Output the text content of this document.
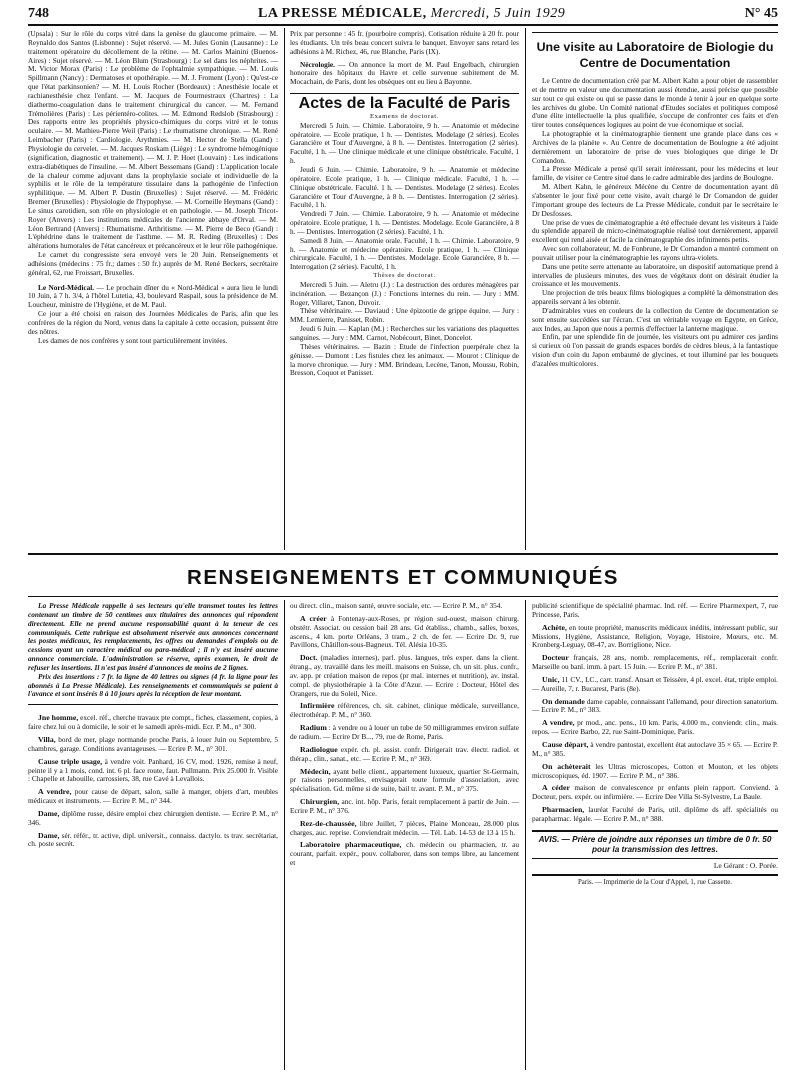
748	LA PRESSE MÉDICALE, Mercredi, 5 Juin 1929	N° 45

(Upsala) : Sur le rôle du corps vitré dans la genèse du glaucome primaire. — M. Reynaldo dos Santos (Lisbonne) : Sujet réservé. — M. Jules Gonin (Lausanne) : Le traitement opératoire du décollement de la rétine. — M. Carlos Mainini (Buenos-Aires) : Sujet réservé. — M. Léon Blum (Strasbourg) : Le sel dans les néphrites. — M. Victor Morax (Paris) : Le problème de l'ophtalmie sympathique. — M. Louis Spillmann (Nancy) : Dermatoses et opothérapie. — M. J. Froment (Lyon) : Qu'est-ce que l'état parkinsonien? — M. H. Louis Rocher (Bordeaux) : Anesthésie locale et rachianesthésie chez l'enfant. — M. Jacques de Fourmestraux (Chartres) : La diathermo-coagulation dans le traitement chirurgical du cancer. — M. Fernand Trémolières (Paris) : Les périentéro-colites. — M. Edmond Redslob (Strasbourg) : Des rapports entre les propriétés physico-chimiques du corps vitré et le tonus oculaire. — M. Mathieu-Pierre Weil (Paris) : Le rhumatisme chronique. — M. René Leimbacher (Paris) : Cardiologie. Arythmies. — M. Hector de Stella (Gand) : Physiologie du cervelet. — M. Jacques Roskam (Liège) : Le syndrome hémogénique (signification, diagnostic et traitement). — M. J. P. Hoet (Louvain) : Les indications extra-diabétiques de l'insuline. — M. Albert Bessemans (Gand) : L'application locale de la chaleur comme adjuvant dans la prophylaxie sociale et individuelle de la syphilis et le rôle de la température tissulaire dans la pathogénie de l'infection syphilitique. — M. Albert P. Dustin (Bruxelles) : Sujet réservé. — M. Frédéric Bremer (Bruxelles) : Physiologie de l'hypophyse. — M. Corneille Heymans (Gand) : Le sinus carotidien, son rôle en physiologie et en pathologie. — M. Joseph Tricot-Royer (Anvers) : Les institutions médicales de l'ancienne abbaye d'Orval. — M. Léon Bertrand (Anvers) : Rhumatisme. Arthritisme. — M. Pierre de Beco (Gand) : L'éphédrine dans le traitement de l'asthme. — M. R. Reding (Bruxelles) : Des altérations humorales de l'état cancéreux et précancéreux et le leur rôle pathogénique.

Le carnet du congressiste sera envoyé vers le 20 Juin. Renseignements et adhésions (médecins : 75 fr.; dames : 50 fr.) auprès de M. René Beckers, secrétaire général, 62, rue Froissart, Bruxelles.

Le Nord-Médical. — Le prochain dîner du « Nord-Médical » aura lieu le lundi 10 Juin, à 7 h. 3/4, à l'hôtel Lutetia, 43, boulevard Raspail, sous la présidence de M. Loucheur, ministre de l'Hygiène, et de M. Paul.

Ce jour a été choisi en raison des Journées Médicales de Paris, afin que les confrères de la région du Nord, venus dans la capitale à cette occasion, puissent être des nôtres.

Les dames de nos confrères y sont tout particulièrement invitées.

Prix par personne : 45 fr. (pourboire compris). Cotisation réduite à 20 fr. pour les étudiants. Un très beau concert suivra le banquet. Envoyer sans retard les adhésions à M. Richez, 46, rue Blanche, Paris (IX).

Nécrologie. — On annonce la mort de M. Paul Engelbach, chirurgien honoraire des hôpitaux du Havre et celle survenue subitement de M. Mocachain, de Paris, dont les obsèques ont eu lieu à Bayonne.

Actes de la Faculté de Paris

Examens de doctorat.

Mercredi 5 Juin. — Chimie. Laboratoire, 9 h. — Anatomie et médecine opératoire. — Ecole pratique, 1 h. — Dentistes. Modelage (2 séries). Ecoles Garancière et Tour d'Auvergne, à 8 h. — Dentistes. Interrogation (2 séries). Faculté, 1 h. — Une clinique médicale et une clinique obstétricale. Faculté, 1 h.

Jeudi 6 Juin. — Chimie. Laboratoire, 9 h. — Anatomie et médecine opératoire. Ecole pratique, 1 h. — Clinique médicale. Faculté, 1 h. — Clinique obstétricale. Faculté. 1 h. — Dentistes. Modelage (2 séries). Ecoles Garancière et Tour d'Auvergne, à 8 h. — Dentistes. Interrogation (2 séries). Faculté, 1 h.

Vendredi 7 Juin. — Chimie. Laboratoire, 9 h. — Anatomie et médecine opératoire. Ecole pratique, 1 h. — Dentistes. Modelage. Ecole Garancière, à 8 h. — Dentistes. Interrogation (2 séries). Faculté, 1 h.

Samedi 8 Juin. — Anatomie orale. Faculté, 1 h. — Chimie. Laboratoire, 9 h. — Anatomie et médecine opératoire. Ecole pratique, 1 h. — Clinique chirurgicale. Faculté, 1 h. — Dentistes. Modelage. Ecole Garancière, 8 h. — Interrogation (2 séries). Faculté, 1 h.

Thèses de doctorat.

Mercredi 5 Juin. — Aletru (J.) : La destruction des ordures ménagères par incinération. — Bezançon (J.) : Fonctions internes du rein. — Jury : MM. Roger, Villaret, Tanon, Duvoir.

Thèse vétérinaire. — Daviaud : Une épizootie de grippe équine. — Jury : MM. Lemierre, Panisset, Robin.

Jeudi 6 Juin. — Kaplan (M.) : Recherches sur les variations des plaquettes sanguines. — Jury : MM. Carnot, Nobécourt, Binet, Doncelot.

Thèses vétérinaires. — Bazin : Etude de l'infection puerpérale chez la génisse. — Dumont : Les fistules chez les animaux. — Mourot : Clinique de la morve chronique. — Jury : MM. Brindeau, Lecène, Tanon, Moussu, Robin, Bresson, Coquot et Panisset.

Une visite au Laboratoire de Biologie du Centre de Documentation

Le Centre de documentation créé par M. Albert Kahn a pour objet de rassembler et de mettre en valeur une documentation aussi étendue, aussi précise que possible sur tout ce qui existe ou qui se passe dans le monde à tenir à jour en quelque sorte les archives du globe. Un Comité national d'Etudes sociales et politiques composé d'une élite intellectuelle la plus qualifiée, s'occupe de confronter ces faits et d'en tirer toutes conséquences logiques au point de vue économique et social.

La photographie et la cinématographie tiennent une grande place dans ces « Archives de la planète ». Au Centre de documentation de Boulogne a été adjoint dernièrement un laboratoire de prise de vues biologiques que dirige le Dr Comandon.

La Presse Médicale a pensé qu'il serait intéressant, pour les médecins et leur famille, de visiter ce Centre situé dans le cadre admirable des jardins de Boulogne.

M. Albert Kahn, le généreux Mécène du Centre de documentation ayant dû s'absenter le jour fixé pour cette visite, avait chargé le Dr Comandon de guider l'important groupe des lecteurs de La Presse Médicale, conduit par le secrétaire le Dr Desfosses.

Une prise de vues de cinématographie a été effectuée devant les visiteurs à l'aide du splendide appareil de micro-cinématographie réalisé tout dernièrement, appareil excellent qui rend aisée et facile la cinématographie des infiniments petits.

Avec son collaborateur, M. de Fonbrune, le Dr Comandon a montré comment on pouvait utiliser pour la cinématographie les rayons ultra-violets.

Dans une petite serre attenante au laboratoire, un dispositif automatique prend à intervalles de plusieurs minutes, des vues de végétaux dont on désirait étudier la croissance et les mouvements.

Une projection de très beaux films biologiques a complété la démonstration des appareils servant à les obtenir.

D'admirables vues en couleurs de la collection du Centre de documentation se sont ensuite succédées sur l'écran. C'est un véritable voyage en Egypte, en Grèce, aux Indes, au Japon que nous a permis d'effectuer la lanterne magique.

Enfin, par une splendide fin de journée, les visiteurs ont pu admirer ces jardins si curieux où l'on passait de grands espaces bordés de cèdres bleus, à la fantastique vision d'un coin du Japon embaumé de glycines, et tout illuminé par les bouquets d'azalées multicolores.

RENSEIGNEMENTS ET COMMUNIQUÉS

La Presse Médicale rappelle à ses lecteurs qu'elle transmet toutes les lettres contenant un timbre de 50 centimes aux titulaires des annonces qui répondent directement. Elle ne prend aucune responsabilité quant à la teneur de ces communiqués. Cette rubrique est absolument réservée aux annonces concernant les postes médicaux, les remplacements, les offres ou demandes d'emplois ou de cessions ayant un caractère médical ou para-médical ; il n'y est inséré aucune annonce commerciale. L'administration se réserve, après examen, le droit de refuser les insertions. Il n'est pas inséré d'annonces de moins de 2 lignes.

Prix des insertions : 7 fr. la ligne de 40 lettres ou signes (4 fr. la ligne pour les abonnés à La Presse Médicale). Les renseignements et communiqués se paient à l'avance et sont insérés 8 à 10 jours après la réception de leur montant.

Jne homme, excel. réf., cherche travaux pte compt., fiches, classement, copies, à faire chez lui ou à domicile, le soir et le samedi après-midi. Ecr. P. M., n° 300.

Villa, bord de mer, plage normande proche Paris, à louer Juin ou Septembre, 5 chambres, garage. Conditions avantageuses. — Ecrire P. M., n° 301.

Cause triple usage, à vendre voit. Panhard, 16 CV, mod. 1926, remise à neuf, peinte il y a 1 mois, cond. int. 6 pl. face route, faut. Pullmann. Prix 25.000 fr. Visible : Chapelle et Jabouille, carrossiers, 38, rue Cavé à Levallois.

A vendre, pour cause de départ, salon, salle à manger, objets d'art, meubles médicaux et instruments. — Ecrire P. M., n° 344.

Dame, diplôme russe, désire emploi chez chirurgien dentiste. — Ecrire P. M., n° 346.

Dame, sér. référ., tr. active, dipl. universit., connaiss. dactylo. ts trav. secrétariat, ch. poste secrét.

ou direct. clin., maison santé, œuvre sociale, etc. — Ecrire P. M., n° 354.

A créer à Fontenay-aux-Roses, pr région sud-ouest, maison chirurg. obstétr. Associat. ou cession bail 28 ans. Gd établiss., chamb., salles, boxes, ascens., 4 km. porte Orléans, 3 tram., 2 ch. de fer. — Ecrire Dr. 9, rue Pavillons, Châtillon-sous-Bagneux. Tél. Alésia 10-35.

Doct. (maladies internes), parl. plus. langues, très exper. dans la client. étrang., ay. travaillé dans les meill. maisons en Suisse, ch. un sit. plus. confr., av. app. pr création maison de repos (pr mal. internes et nutrition), av. instal. compl. de physiothérapie à la Côte d'Azur. — Ecrire : Docteur, Hôtel des Orangers, rue du Soleil, Nice.

Infirmière références, ch. sit. cabinet, clinique médicale, surveillance, électrothérap. P. M., n° 360.

Radium : à vendre ou à louer un tube de 50 milligrammes environ sulfate de radium. — Ecrire Dr B..., 79, rue de Rome, Paris.

Radiologue expér. ch. pl. assist. confr. Dirigerait trav. électr. radiol. et thérap., clin., sanat., etc. — Ecrire P. M., n° 369.

Médecin, ayant belle client., appartement luxueux, quartier St-Germain, pr raisons personnelles, envisagerait toute formule d'association, avec spécialisation. Gd. même si de suite, bail tr. avant. P. M., n° 375.

Chirurgien, anc. int. hôp. Paris, ferait remplacement à partir de Juin. — Ecrire P. M., n° 376.

Rez-de-chaussée, libre Juillet, 7 pièces, Plaine Monceau, 28.000 plus charges, auc. reprise. Conviendrait médecin. — Tél. Lab. 14-53 de 13 à 15 h.

Laboratoire pharmaceutique, ch. médecin ou pharmacien, tr. au courant, parfait. expér., pouv. collaborer, dans son temps libre, au lancement et

publicité scientifique de spécialité pharmac. Ind. réf. — Ecrire Pharmexpert, 7, rue Princesse, Paris.

Achète, en toute propriété, manuscrits médicaux inédits, intéressant public, sur Missions, Hygiène, Assistance, Religion, Voyage, Histoire, Mœurs, etc. M. Kronberg-Leguay, 08-47, av. Borriglione, Nice.

Docteur français, 28 ans, nomb. remplacements, réf., remplacerait confr. Marseille ou banl. imm. à part. 15 Juin. — Ecrire P. M., n° 381.

Unic, 11 CV., LC., carr. transf. Ansart et Teissère, 4 pl. excel. état, triple emploi. — Aureille, 7, r. Bucarest, Paris (8e).

On demande dame capable, connaissant l'allemand, pour direction sanatorium. — Ecrire P. M., n° 383.

A vendre, pr mod., anc. pens., 10 km. Paris, 4.000 m., conviendr. clin., mais. repos. — Ecrire Barbo, 22, rue Saint-Dominique, Paris.

Cause départ, à vendre pantostat, excellent état autoclave 35 × 65. — Ecrire P. M., n° 385.

On achèterait les Ultras microscopes, Cotton et Mouton, et les objets microscopiques, éd. 1907. — Ecrire P. M., n° 386.

A céder maison de convalescence pr enfants plein rapport. Conviend. à Docteur, pers. expér. ou infirmière. — Ecrire Dee Villa St-Sylvestre, La Baule.

Pharmacien, lauréat Faculté de Paris, util. diplôme ds aff. spécialités ou parapharmac. légale. — Ecrire P. M., n° 388.

AVIS. — Prière de joindre aux réponses un timbre de 0 fr. 50 pour la transmission des lettres.

Le Gérant : O. Porée.

Paris. — Imprimerie de la Cour d'Appel, 1, rue Cassette.
